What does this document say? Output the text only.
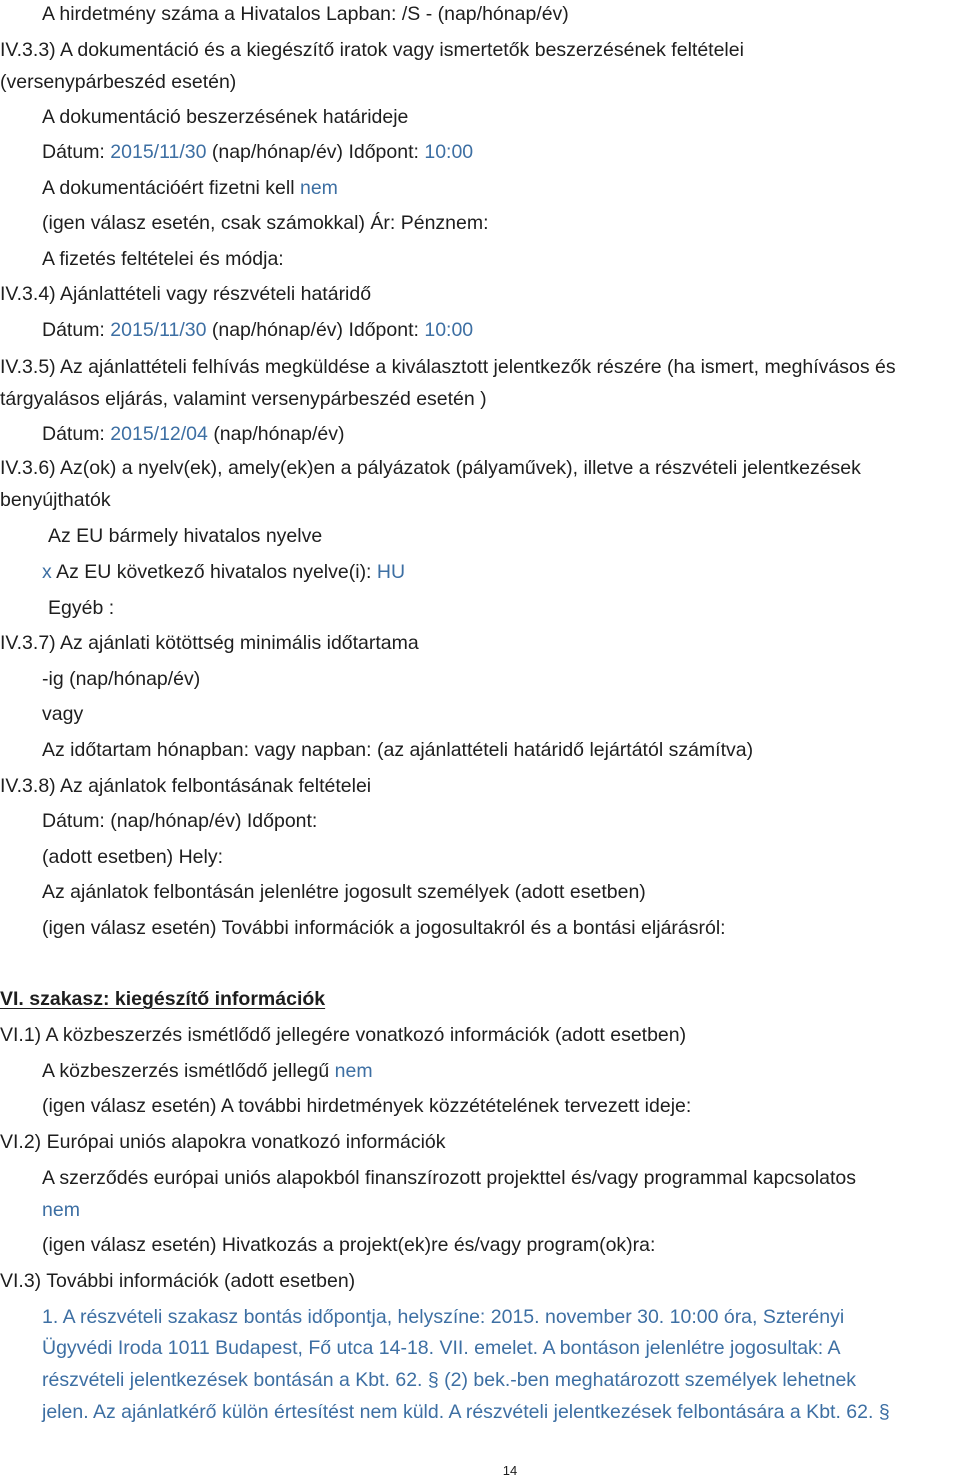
A hirdetmény száma a Hivatalos Lapban: /S - (nap/hónap/év)
IV.3.3) A dokumentáció és a kiegészítő iratok vagy ismertetők beszerzésének feltételei
(versenypárbeszéd esetén)
A dokumentáció beszerzésének határideje
Dátum: 2015/11/30 (nap/hónap/év) Időpont: 10:00
A dokumentációért fizetni kell nem
(igen válasz esetén, csak számokkal) Ár: Pénznem:
A fizetés feltételei és módja:
IV.3.4) Ajánlattételi vagy részvételi határidő
Dátum: 2015/11/30 (nap/hónap/év) Időpont: 10:00
IV.3.5) Az ajánlattételi felhívás megküldése a kiválasztott jelentkezők részére (ha ismert, meghívásos és
tárgyalásos eljárás, valamint versenypárbeszéd esetén )
Dátum: 2015/12/04 (nap/hónap/év)
IV.3.6) Az(ok) a nyelv(ek), amely(ek)en a pályázatok (pályaművek), illetve a részvételi jelentkezések
benyújthatók
Az EU bármely hivatalos nyelve
x Az EU következő hivatalos nyelve(i): HU
Egyéb :
IV.3.7) Az ajánlati kötöttség minimális időtartama
-ig (nap/hónap/év)
vagy
Az időtartam hónapban: vagy napban: (az ajánlattételi határidő lejártától számítva)
IV.3.8) Az ajánlatok felbontásának feltételei
Dátum: (nap/hónap/év) Időpont:
(adott esetben) Hely:
Az ajánlatok felbontásán jelenlétre jogosult személyek (adott esetben)
(igen válasz esetén) További információk a jogosultakról és a bontási eljárásról:
VI. szakasz: kiegészítő információk
VI.1) A közbeszerzés ismétlődő jellegére vonatkozó információk (adott esetben)
A közbeszerzés ismétlődő jellegű nem
(igen válasz esetén) A további hirdetmények közzétételének tervezett ideje:
VI.2) Európai uniós alapokra vonatkozó információk
A szerződés európai uniós alapokból finanszírozott projekttel és/vagy programmal kapcsolatos
nem
(igen válasz esetén) Hivatkozás a projekt(ek)re és/vagy program(ok)ra:
VI.3) További információk (adott esetben)
1. A részvételi szakasz bontás időpontja, helyszíne: 2015. november 30. 10:00 óra, Szterényi
Ügyvédi Iroda 1011 Budapest, Fő utca 14-18. VII. emelet. A bontáson jelenlétre jogosultak: A
részvételi jelentkezések bontásán a Kbt. 62. § (2) bek.-ben meghatározott személyek lehetnek
jelen. Az ajánlatkérő külön értesítést nem küld. A részvételi jelentkezések felbontására a Kbt. 62. §
14
